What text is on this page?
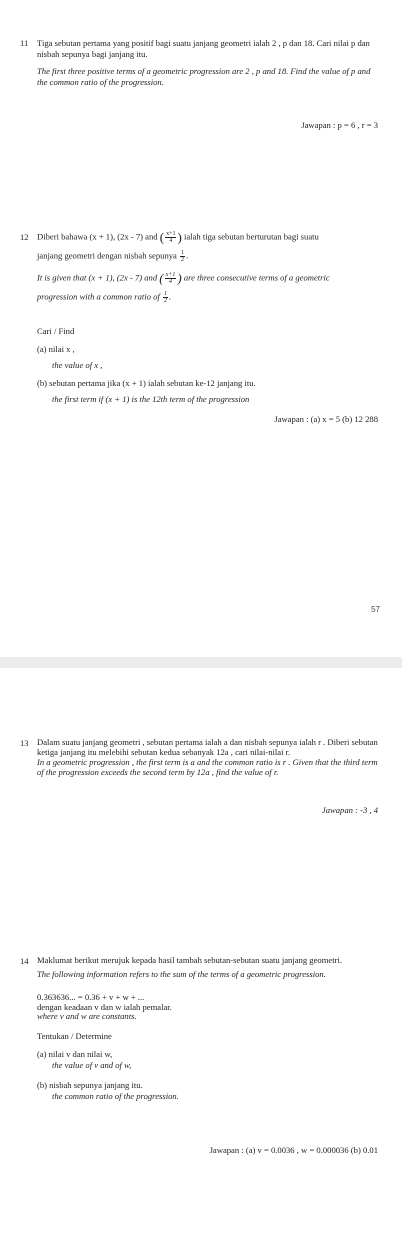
11 Tiga sebutan pertama yang positif bagi suatu janjang geometri ialah 2 , p dan 18. Cari nilai p dan nisbah sepunya bagi janjang itu.

The first three positive terms of a geometric progression are 2 , p and 18. Find the value of p and the common ratio of the progression.

Jawapan : p = 6 , r = 3
12 Diberi bahawa (x + 1), (2x - 7) and ( $\frac{x+1}{4}$ ) ialah tiga sebutan berturutan bagi suatu

janjang geometri dengan nisbah sepunya $\frac{1}{2}$ .

It is given that (x + 1), (2x - 7) and ( $\frac{x+1}{4}$ ) are three consecutive terms of a geometric

progression with a common ratio of $\frac{1}{2}$ .

Cari / Find

(a) nilai x ,

the value of x ,

(b) sebutan pertama jika (x + 1) ialah sebutan ke-12 janjang itu.

the first term if (x + 1) is the 12th term of the progression

Jawapan : (a) x = 5 (b) 12 288
57
13 Dalam suatu janjang geometri , sebutan pertama ialah a dan nisbah sepunya ialah r . Diberi sebutan ketiga janjang itu melebihi sebutan kedua sebanyak 12a , cari nilai-nilai r.

In a geometric progression , the first term is a and the common ratio is r . Given that the third term of the progression exceeds the second term by 12a , find the value of r.

Jawapan : -3 , 4
14 Maklumat berikut merujuk kepada hasil tambah sebutan-sebutan suatu janjang geometri.

The following information refers to the sum of the terms of a geometric progression.

0.363636... = 0.36 + v + w + ...

dengan keadaan v dan w ialah pemalar.

where v and w are constants.

Tentukan / Determine

(a) nilai v dan nilai w,

the value of v and of w,

(b) nisbah sepunya janjang itu.

the common ratio of the progression.

Jawapan : (a) v = 0.0036 , w = 0.000036 (b) 0.01
